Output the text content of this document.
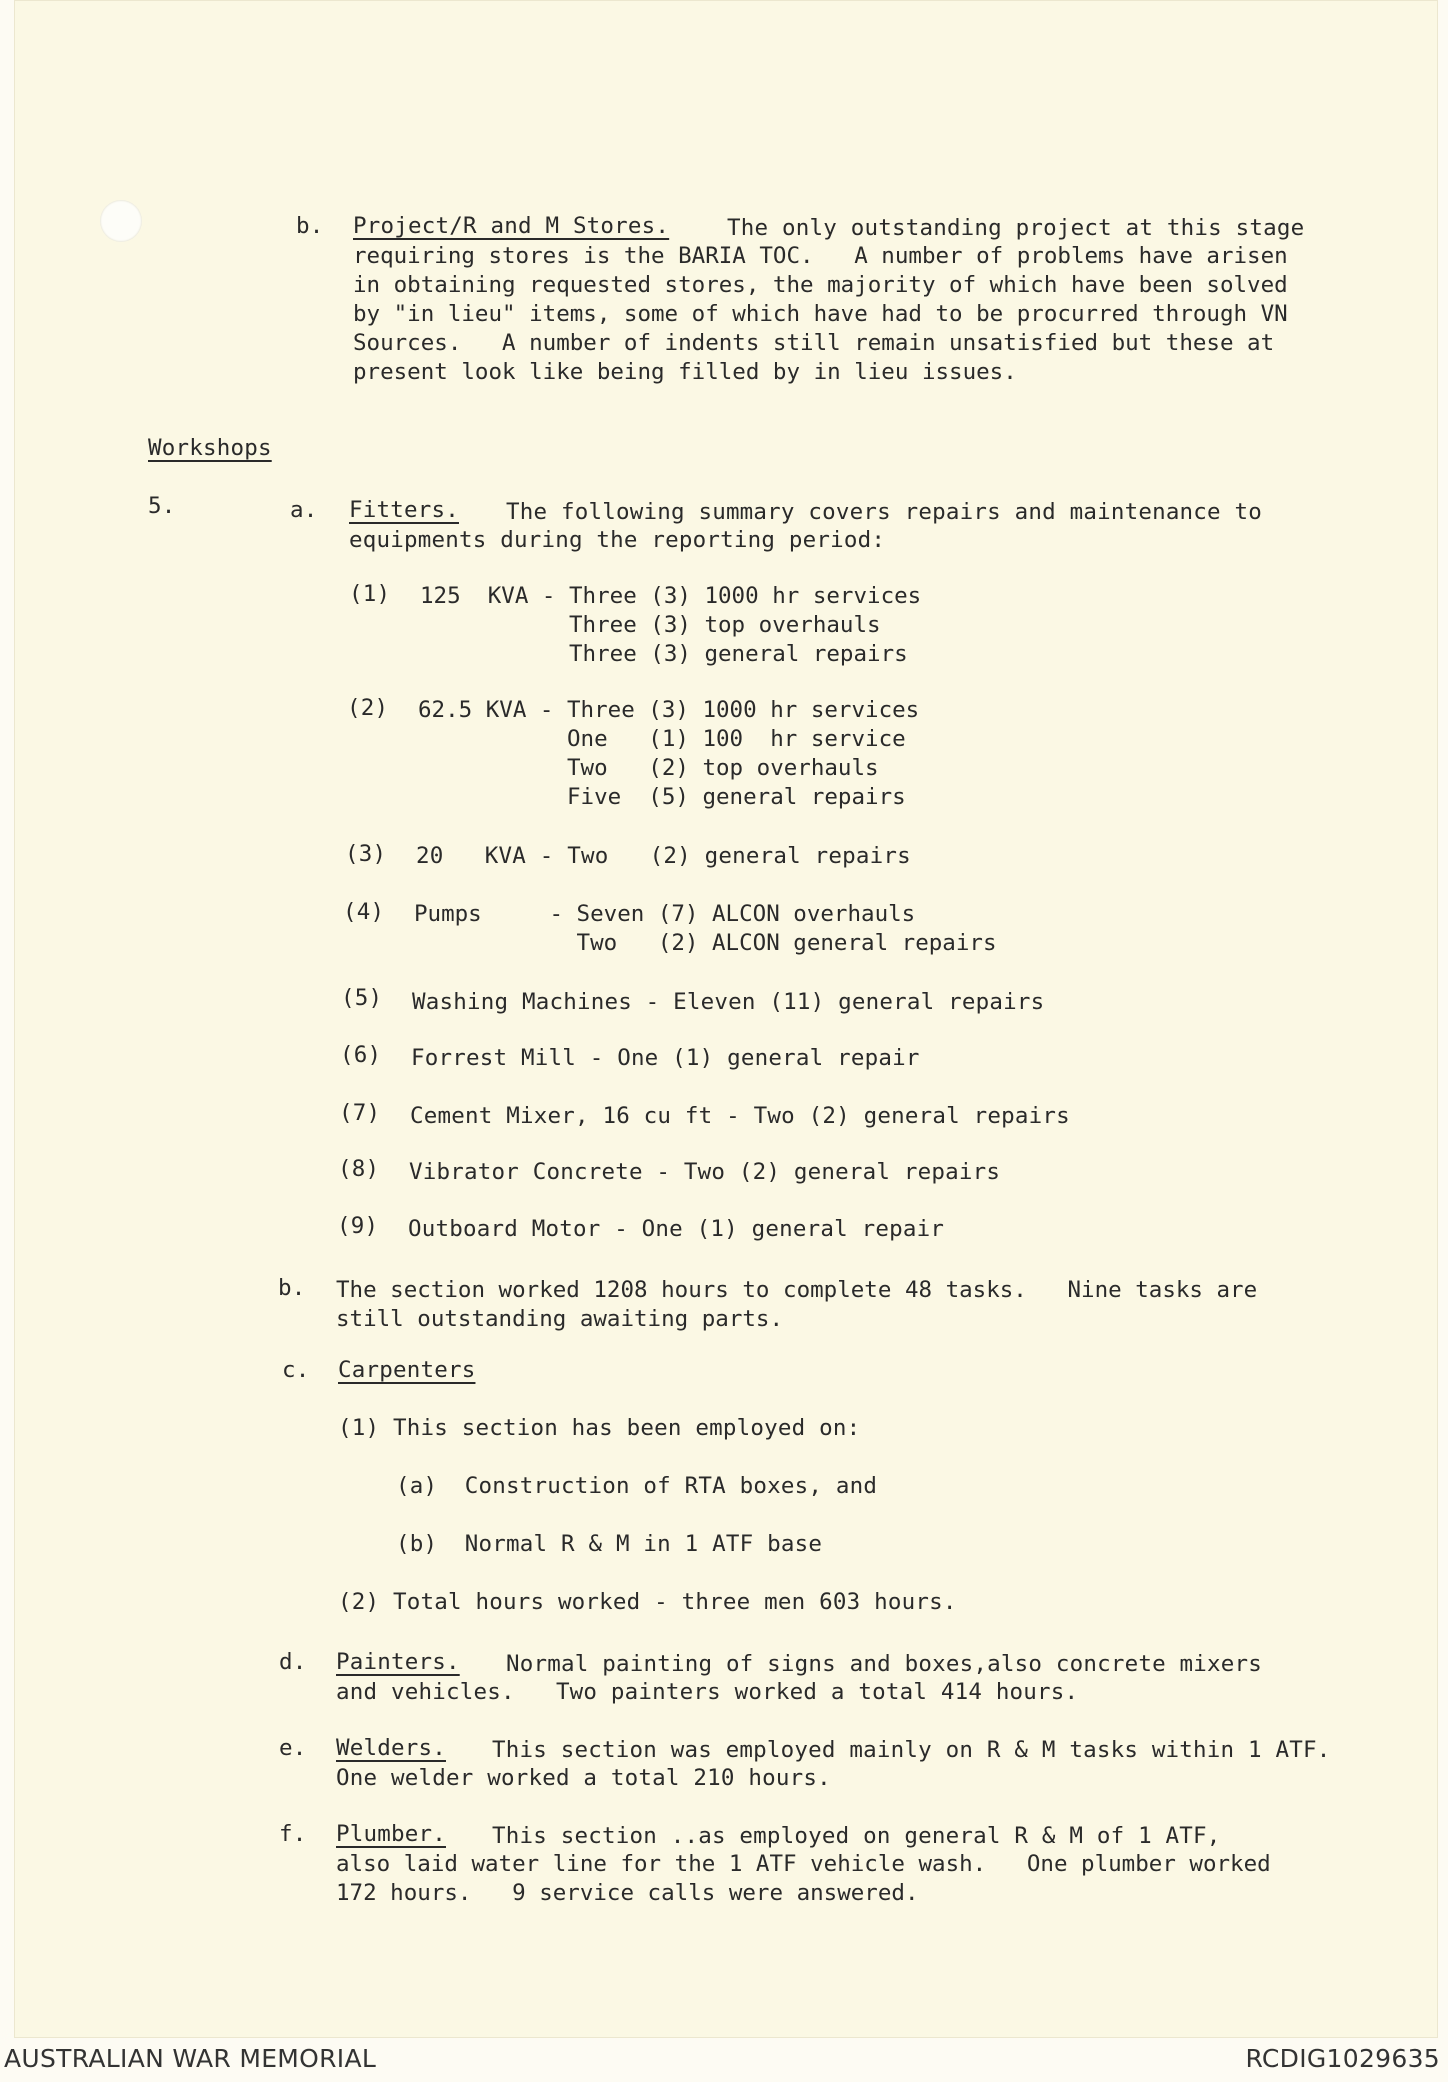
b. Project/R and M Stores.	The only outstanding project at this stage
requiring stores is the BARIA TOC.   A number of problems have arisen
in obtaining requested stores, the majority of which have been solved
by "in lieu" items, some of which have had to be procurred through VN
Sources.   A number of indents still remain unsatisfied but these at
present look like being filled by in lieu issues.
Workshops
5.	a. Fitters. The following summary covers repairs and maintenance to
equipments during the reporting period:
(1) 125  KVA - Three (3) 1000 hr services
Three (3) top overhauls
Three (3) general repairs
(2) 62.5 KVA - Three (3) 1000 hr services
One   (1) 100  hr service
Two   (2) top overhauls
Five  (5) general repairs
(3) 20   KVA - Two   (2) general repairs
(4) Pumps     - Seven (7) ALCON overhauls
Two   (2) ALCON general repairs
(5) Washing Machines - Eleven (11) general repairs
(6) Forrest Mill - One (1) general repair
(7) Cement Mixer, 16 cu ft - Two (2) general repairs
(8) Vibrator Concrete - Two (2) general repairs
(9) Outboard Motor - One (1) general repair
b. The section worked 1208 hours to complete 48 tasks.   Nine tasks are
still outstanding awaiting parts.
c. Carpenters
(1) This section has been employed on:
(a)  Construction of RTA boxes, and
(b)  Normal R & M in 1 ATF base
(2) Total hours worked - three men 603 hours.
d. Painters. Normal painting of signs and boxes,also concrete mixers
and vehicles.   Two painters worked a total 414 hours.
e. Welders. This section was employed mainly on R & M tasks within 1 ATF.
One welder worked a total 210 hours.
f. Plumber. This section ..as employed on general R & M of 1 ATF,
also laid water line for the 1 ATF vehicle wash.   One plumber worked
172 hours.   9 service calls were answered.
AUSTRALIAN WAR MEMORIAL	RCDIG1029635
